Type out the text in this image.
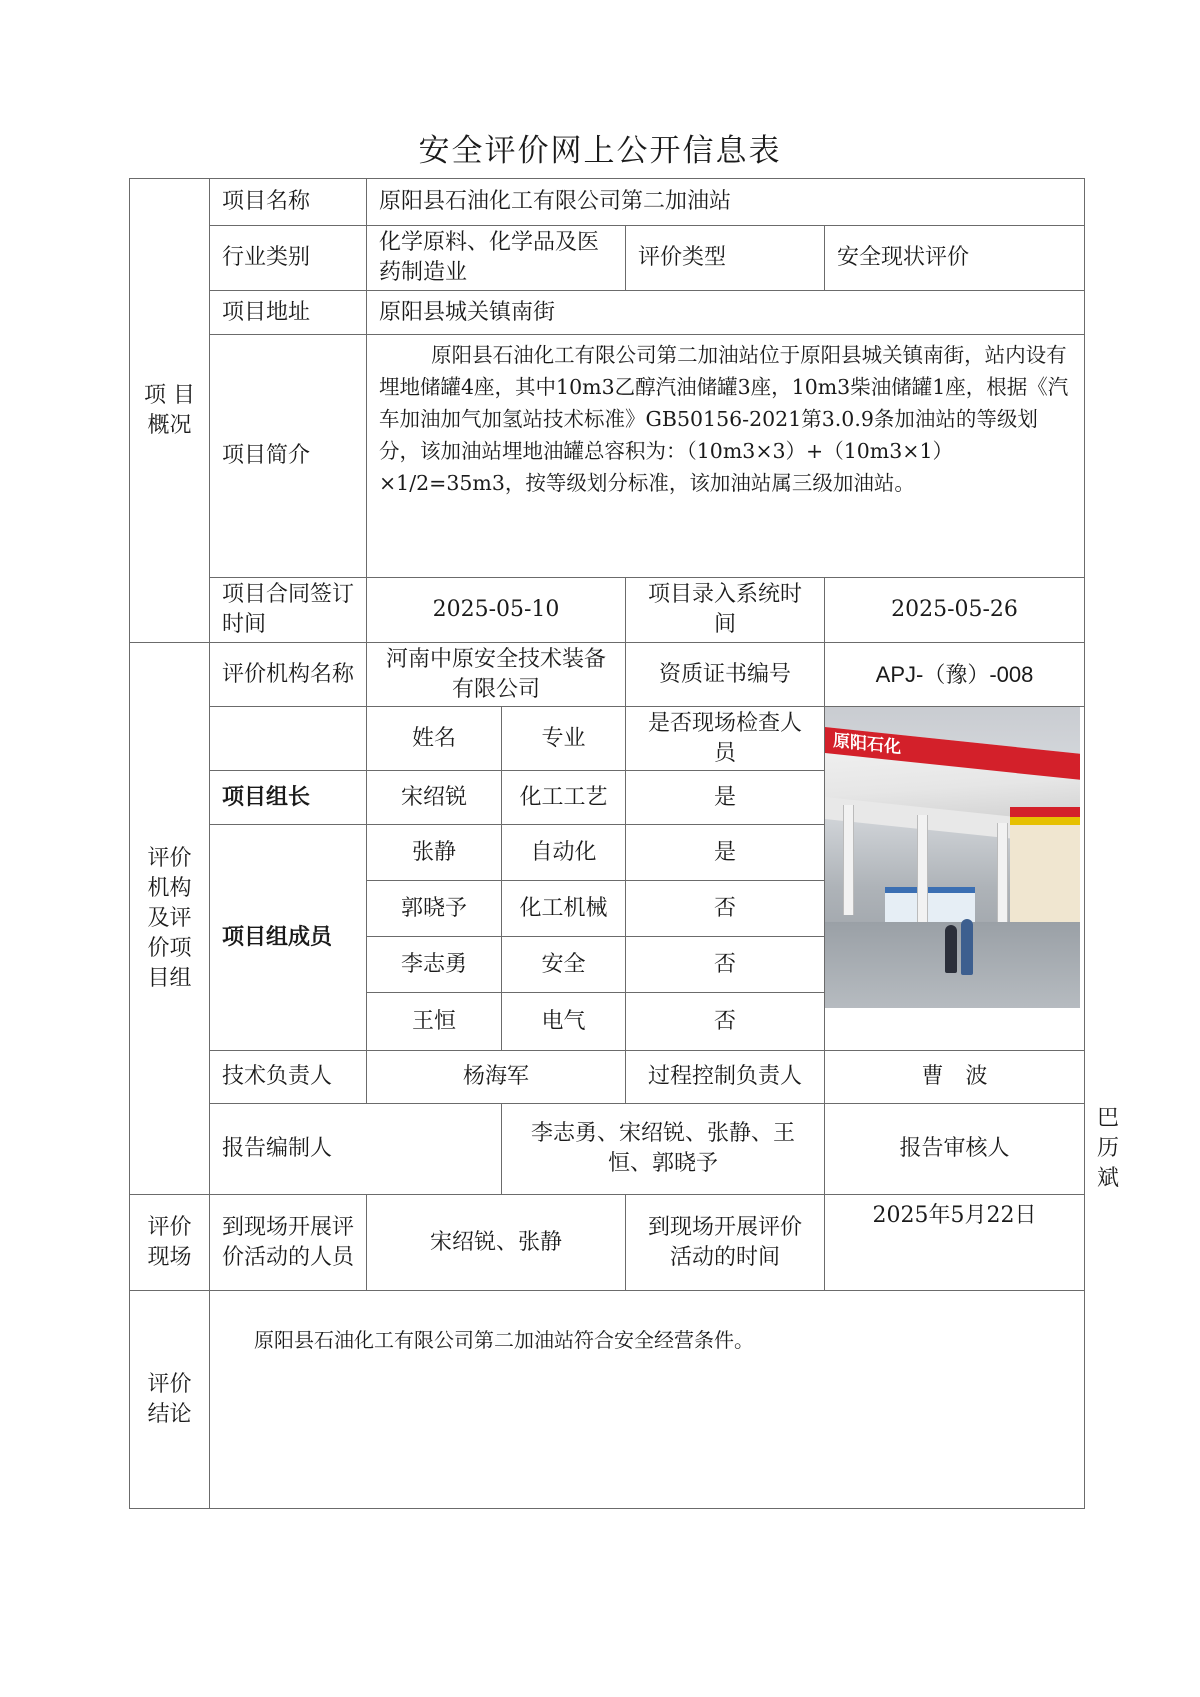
安全评价网上公开信息表
项 目
概况	项目名称	原阳县石油化工有限公司第二加油站				
	行业类别	化学原料、化学品及医药制造业		评价类型	安全现状评价	
	项目地址	原阳县城关镇南街				
	项目简介	原阳县石油化工有限公司第二加油站位于原阳县城关镇南街，站内设有埋地储罐4座，其中10m3乙醇汽油储罐3座，10m3柴油储罐1座，根据《汽车加油加气加氢站技术标准》GB50156-2021第3.0.9条加油站的等级划分，该加油站埋地油罐总容积为：（10m3×3）+（10m3×1）×1/2=35m3，按等级划分标准，该加油站属三级加油站。				
	项目合同签订时间	2025-05-10		项目录入系统时间	2025-05-26	
评价机构及评价项目组	评价机构名称	河南中原安全技术装备有限公司		资质证书编号	APJ-（豫）-008	
		姓名	专业	是否现场检查人员	原阳石化	

	项目组长	宋绍锐	化工工艺	是		
	项目组成员	张静	自动化	是		
		郭晓予	化工机械	否		
		李志勇	安全	否		
		王恒	电气	否		
	技术负责人	杨海军		过程控制负责人	曹　波	
	报告编制人		李志勇、宋绍锐、张静、王恒、郭晓予		报告审核人	巴历斌
评价现场	到现场开展评价活动的人员	宋绍锐、张静		到现场开展评价活动的时间	2025年5月22日	
评价结论	原阳县石油化工有限公司第二加油站符合安全经营条件。					
